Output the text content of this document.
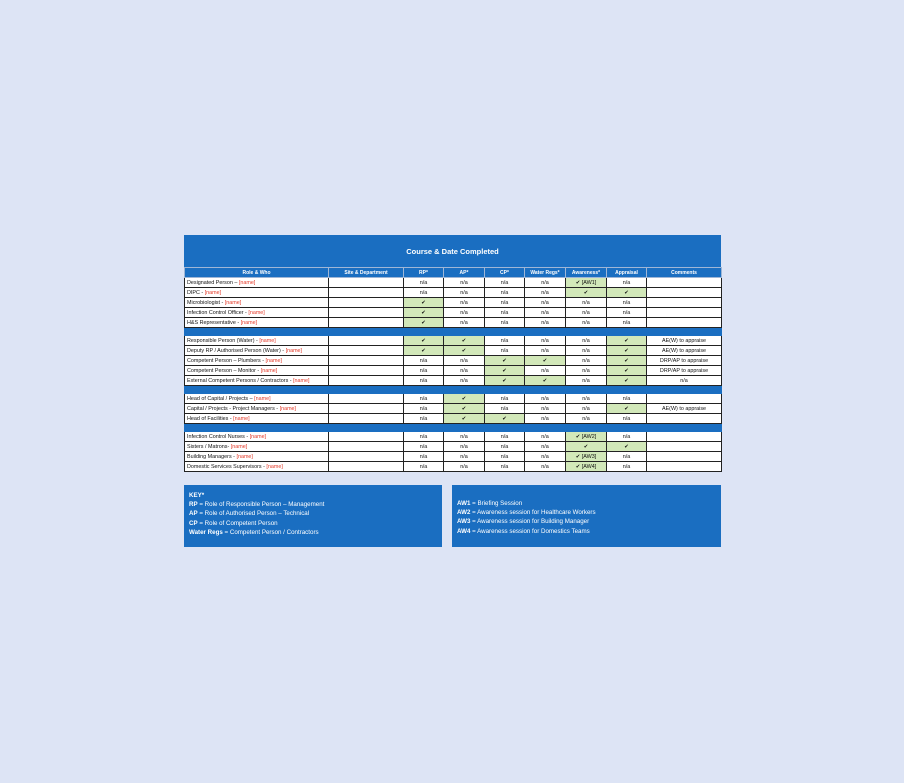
Course & Date Completed
Role & Who	Site & Department	RP*	AP*	CP*	Water Regs*	Awareness*	Appraisal	Comments
Designated Person – [name]		n/a	n/a	n/a	n/a	✔ [AW1]	n/a	
DIPC - [name]		n/a	n/a	n/a	n/a	✔	✔	
Microbiologist - [name]		✔	n/a	n/a	n/a	n/a	n/a	
Infection Control Officer - [name]		✔	n/a	n/a	n/a	n/a	n/a	
H&S Representative - [name]		✔	n/a	n/a	n/a	n/a	n/a	

Responsible Person (Water) - [name]		✔	✔	n/a	n/a	n/a	✔	AE(W) to appraise
Deputy RP / Authorised Person (Water) - [name]		✔	✔	n/a	n/a	n/a	✔	AE(W) to appraise
Competent Person – Plumbers - [name]		n/a	n/a	✔	✔	n/a	✔	DRP/AP to appraise
Competent Person – Monitor - [name]		n/a	n/a	✔	n/a	n/a	✔	DRP/AP to appraise
External Competent Persons / Contractors - [name]		n/a	n/a	✔	✔	n/a	✔	n/a

Head of Capital / Projects – [name]		n/a	✔	n/a	n/a	n/a	n/a	
Capital / Projects - Project Managers - [name]		n/a	✔	n/a	n/a	n/a	✔	AE(W) to appraise
Head of Facilities - [name]		n/a	✔	✔	n/a	n/a	n/a	

Infection Control Nurses - [name]		n/a	n/a	n/a	n/a	✔ [AW2]	n/a	
Sisters / Matrons- [name]		n/a	n/a	n/a	n/a	✔	✔	
Building Managers - [name]		n/a	n/a	n/a	n/a	✔ [AW3]	n/a	
Domestic Services Supervisors - [name]		n/a	n/a	n/a	n/a	✔ [AW4]	n/a	
KEY*
RP = Role of Responsible Person – Management
AP = Role of Authorised Person – Technical
CP = Role of Competent Person
Water Regs = Competent Person / Contractors
AW1 = Briefing Session
AW2 = Awareness session for Healthcare Workers
AW3 = Awareness session for Building Manager
AW4 = Awareness session for Domestics Teams
